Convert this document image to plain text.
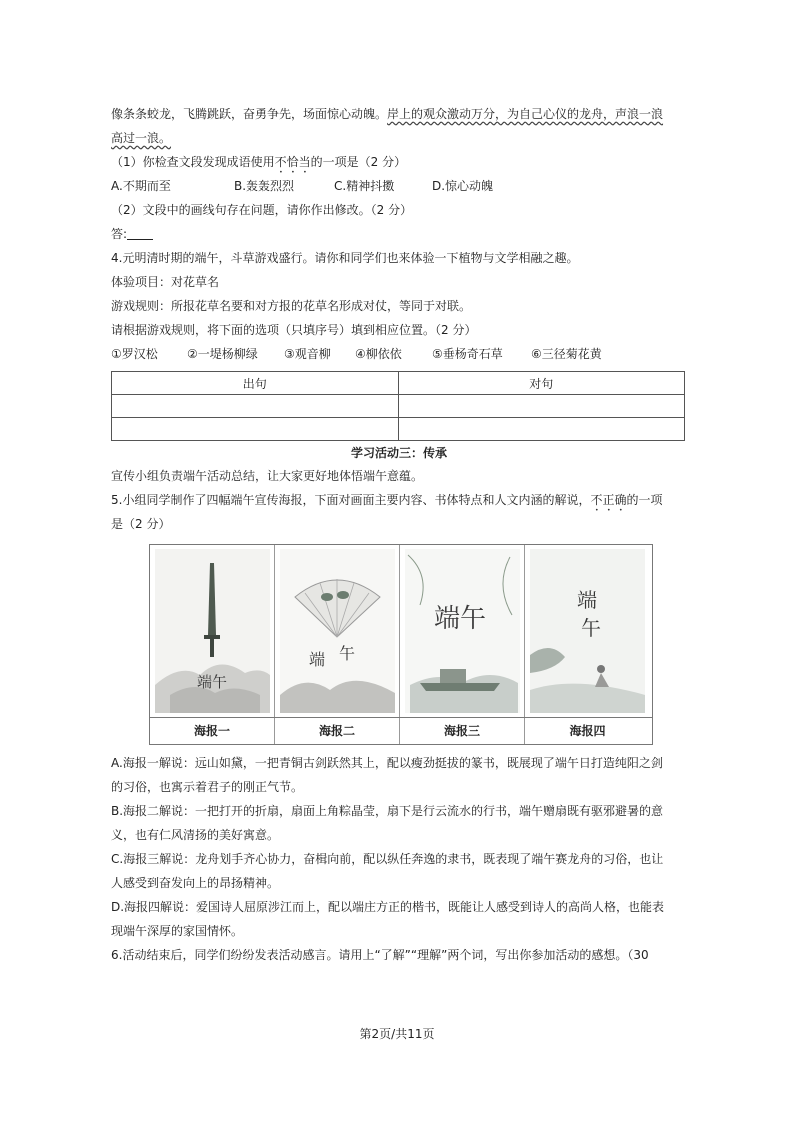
像条条蛟龙，飞腾跳跃，奋勇争先，场面惊心动魄。岸上的观众激动万分，为自己心仪的龙舟，声浪一浪
高过一浪。
（1）你检查文段发现成语使用不恰当的一项是（2 分）
A.不期而至	B.轰轰烈烈	C.精神抖擞	D.惊心动魄
（2）文段中的画线句存在问题，请你作出修改。（2 分）
答:
4.元明清时期的端午，斗草游戏盛行。请你和同学们也来体验一下植物与文学相融之趣。
体验项目：对花草名
游戏规则：所报花草名要和对方报的花草名形成对仗，等同于对联。
请根据游戏规则，将下面的选项（只填序号）填到相应位置。（2 分）
①罗汉松	②一堤杨柳绿	③观音柳	④柳依依	⑤垂杨奇石草	⑥三径菊花黄
出句	对句

学习活动三：传承
宣传小组负责端午活动总结，让大家更好地体悟端午意蕴。
5.小组同学制作了四幅端午宣传海报，下面对画面主要内容、书体特点和人文内涵的解说，不正确的一项
是（2 分）
端午
端 午
端午
端
午
海报一	海报二	海报三	海报四
A.海报一解说：远山如黛，一把青铜古剑跃然其上，配以瘦劲挺拔的篆书，既展现了端午日打造纯阳之剑
的习俗，也寓示着君子的刚正气节。
B.海报二解说：一把打开的折扇，扇面上角粽晶莹，扇下是行云流水的行书，端午赠扇既有驱邪避暑的意
义，也有仁风清扬的美好寓意。
C.海报三解说：龙舟划手齐心协力，奋楫向前，配以纵任奔逸的隶书，既表现了端午赛龙舟的习俗，也让
人感受到奋发向上的昂扬精神。
D.海报四解说：爱国诗人屈原涉江而上，配以端庄方正的楷书，既能让人感受到诗人的高尚人格，也能表
现端午深厚的家国情怀。
6.活动结束后，同学们纷纷发表活动感言。请用上“了解”“理解”两个词，写出你参加活动的感想。（30
第2页/共11页
